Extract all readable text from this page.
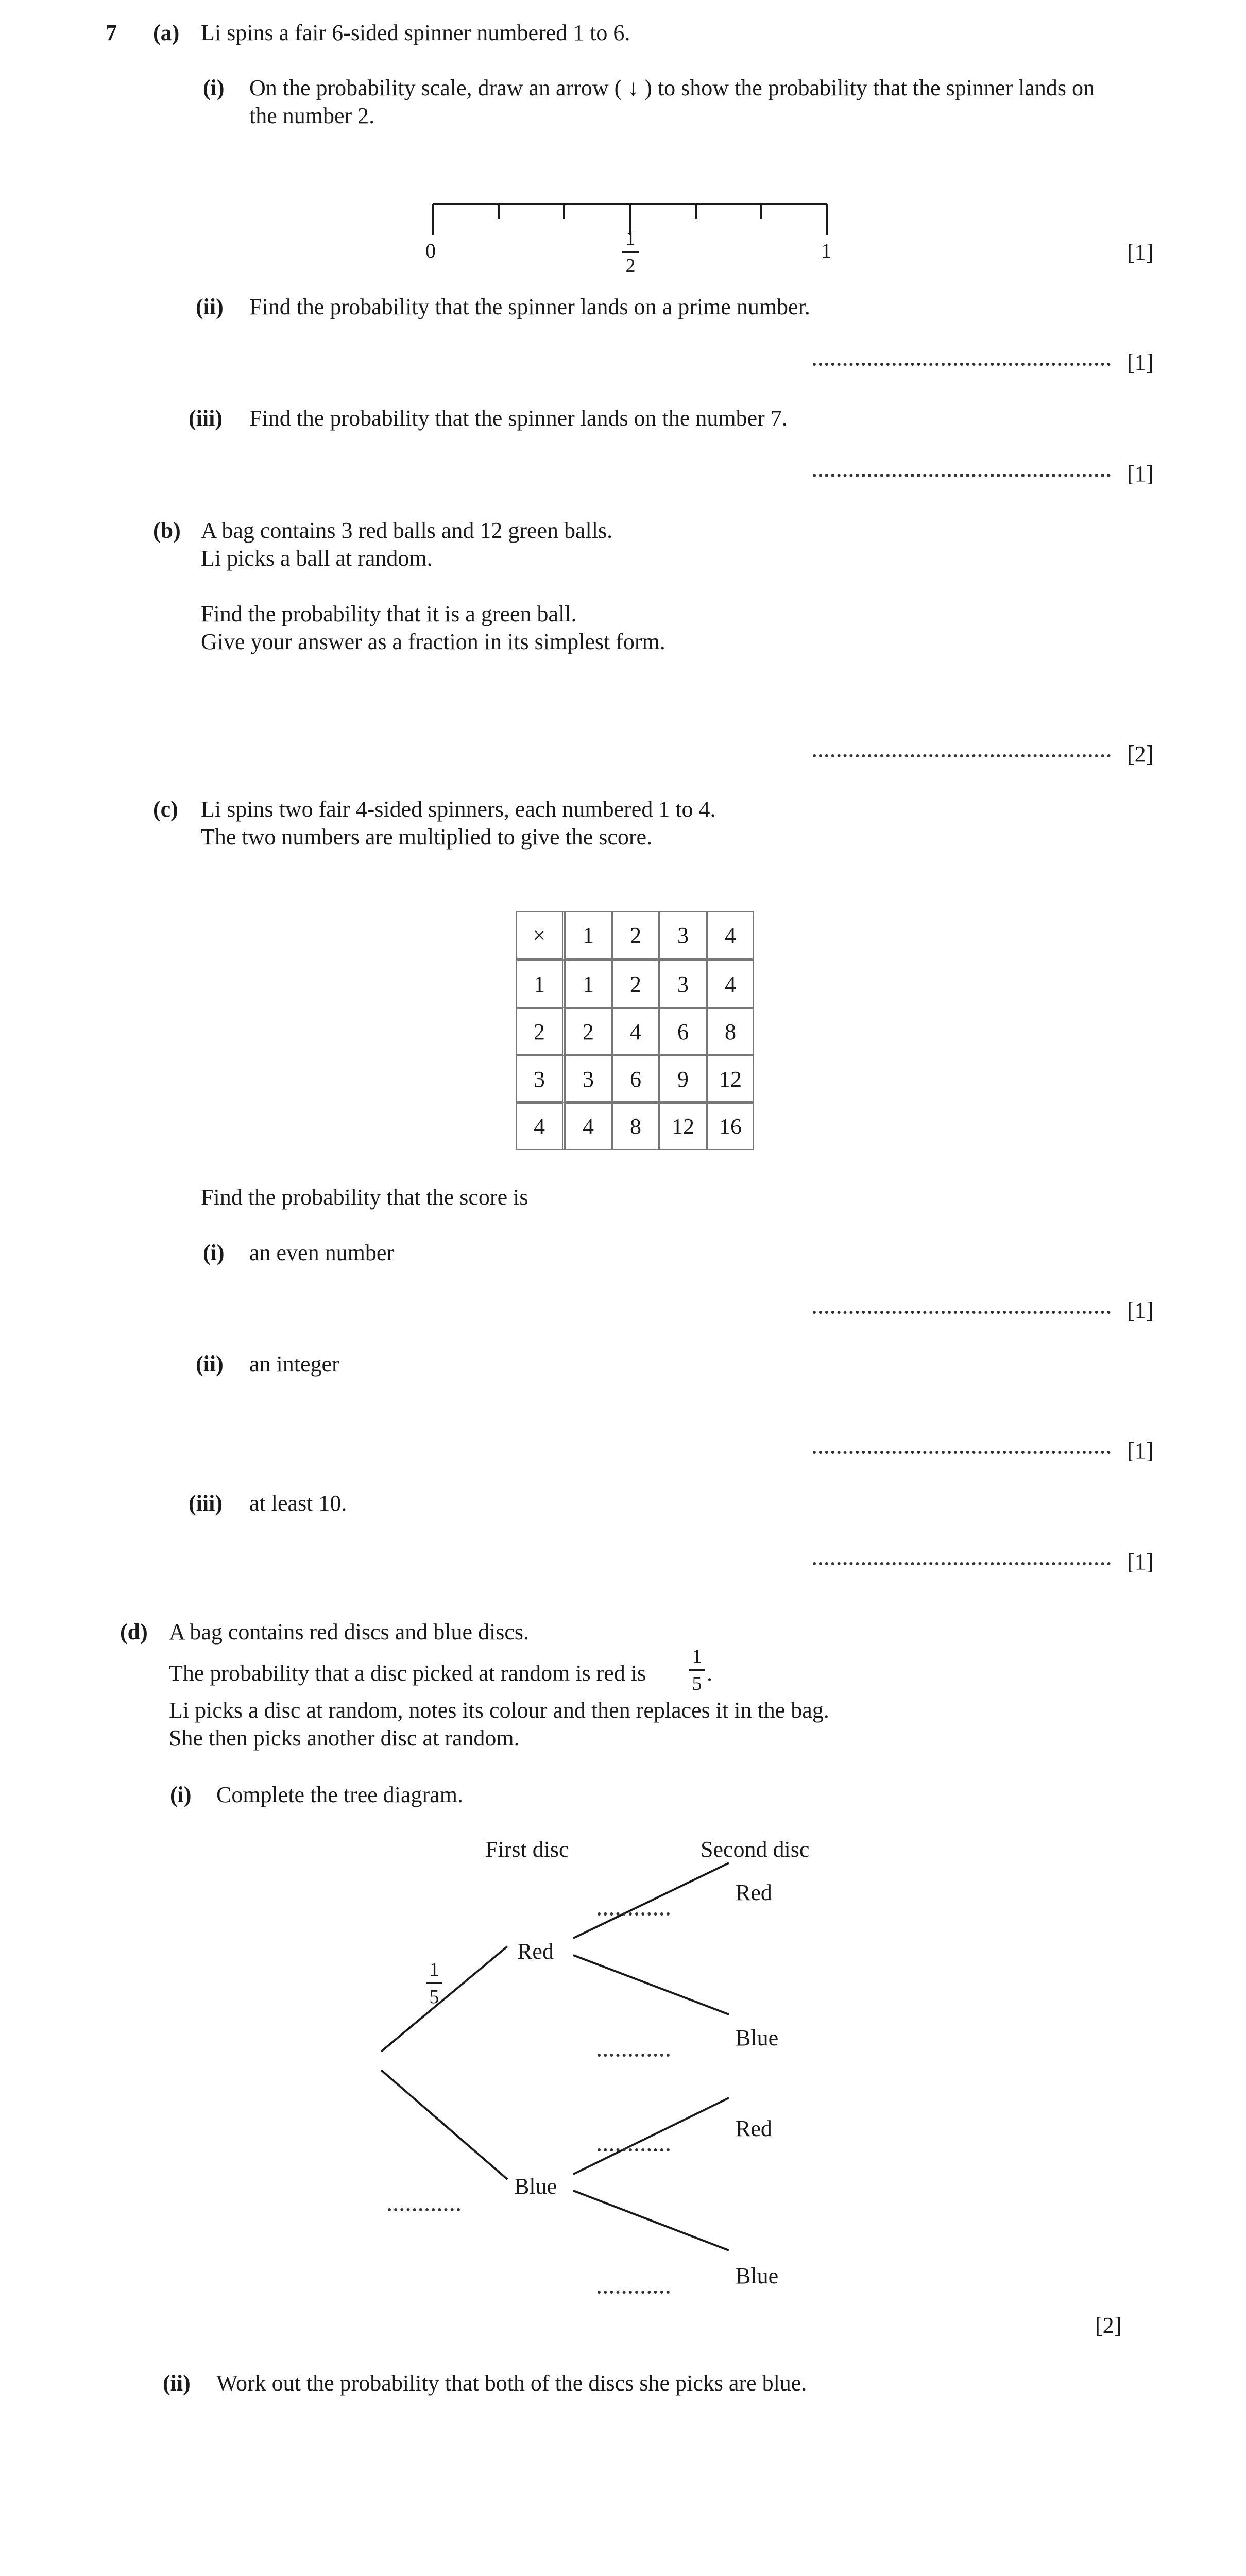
7 (a) Li spins a fair 6-sided spinner numbered 1 to 6.
(i) On the probability scale, draw an arrow ( ↓ ) to show the probability that the spinner lands on
the number 2.
0
1
2
1	[1]
(ii) Find the probability that the spinner lands on a prime number.
[1]
(iii) Find the probability that the spinner lands on the number 7.
[1]
(b) A bag contains 3 red balls and 12 green balls.
Li picks a ball at random.
Find the probability that it is a green ball.
Give your answer as a fraction in its simplest form.
[2]
(c) Li spins two fair 4-sided spinners, each numbered 1 to 4.
The two numbers are multiplied to give the score.
×	1	2	3	4
1	1	2	3	4
2	2	4	6	8
3	3	6	9	12
4	4	8	12	16
Find the probability that the score is
(i) an even number
[1]
(ii) an integer
[1]
(iii) at least 10.
[1]
(d) A bag contains red discs and blue discs.
The probability that a disc picked at random is red is
1
5 .
Li picks a disc at random, notes its colour and then replaces it in the bag.
She then picks another disc at random.
(i) Complete the tree diagram.
First disc	Second disc
1
5
Red
Blue
Red
Blue
Red
Blue
[2]
(ii) Work out the probability that both of the discs she picks are blue.
